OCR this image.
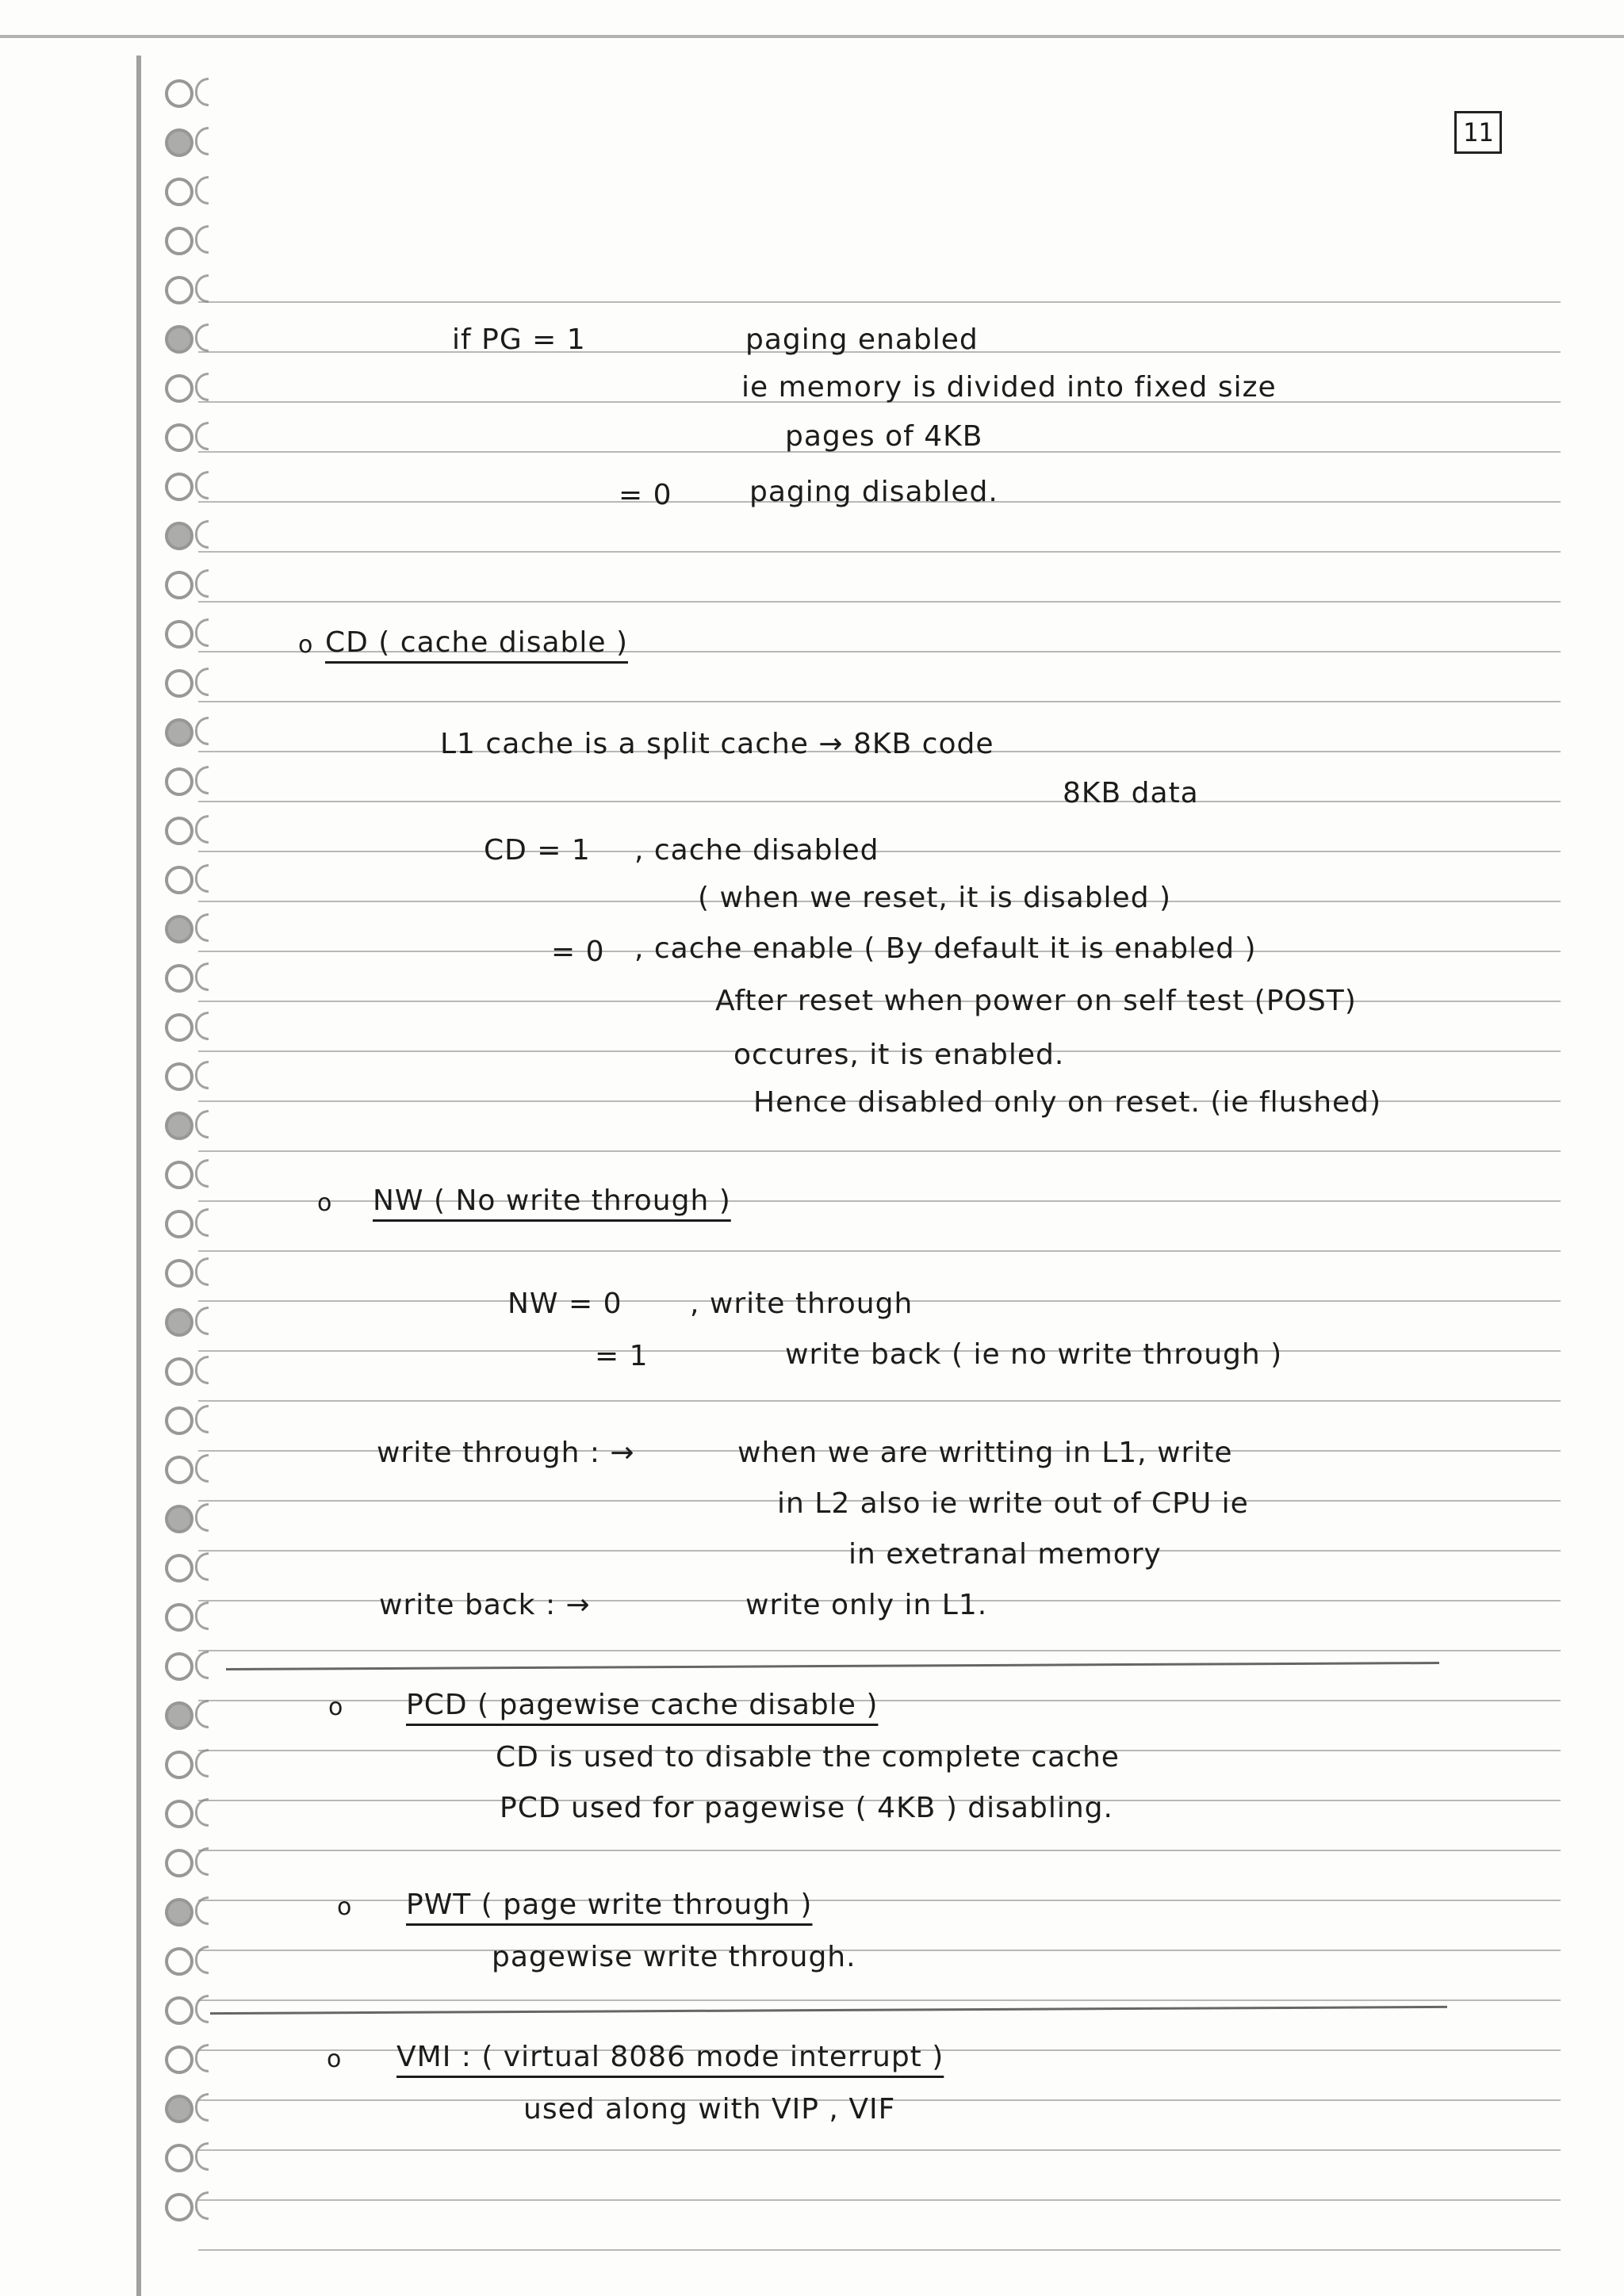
11
if PG = 1	paging enabled
ie memory is divided into fixed size
pages of 4KB
= 0	paging disabled.
o CD ( cache disable )
L1 cache is a split cache → 8KB code
8KB data
CD = 1 , cache disabled
( when we reset, it is disabled )
= 0 , cache enable ( By default it is enabled )
After reset when power on self test (POST)
occures, it is enabled.
Hence disabled only on reset. (ie flushed)
o NW ( No write through )
NW = 0 , write through
= 1	write back ( ie no write through )
write through : →	when we are writting in L1, write
in L2 also ie write out of CPU ie
in exetranal memory
write back : →	write only in L1.
o PCD ( pagewise cache disable )
CD is used to disable the complete cache
PCD used for pagewise ( 4KB ) disabling.
o PWT ( page write through )
pagewise write through.
o VMI : ( virtual 8086 mode interrupt )
used along with VIP , VIF
